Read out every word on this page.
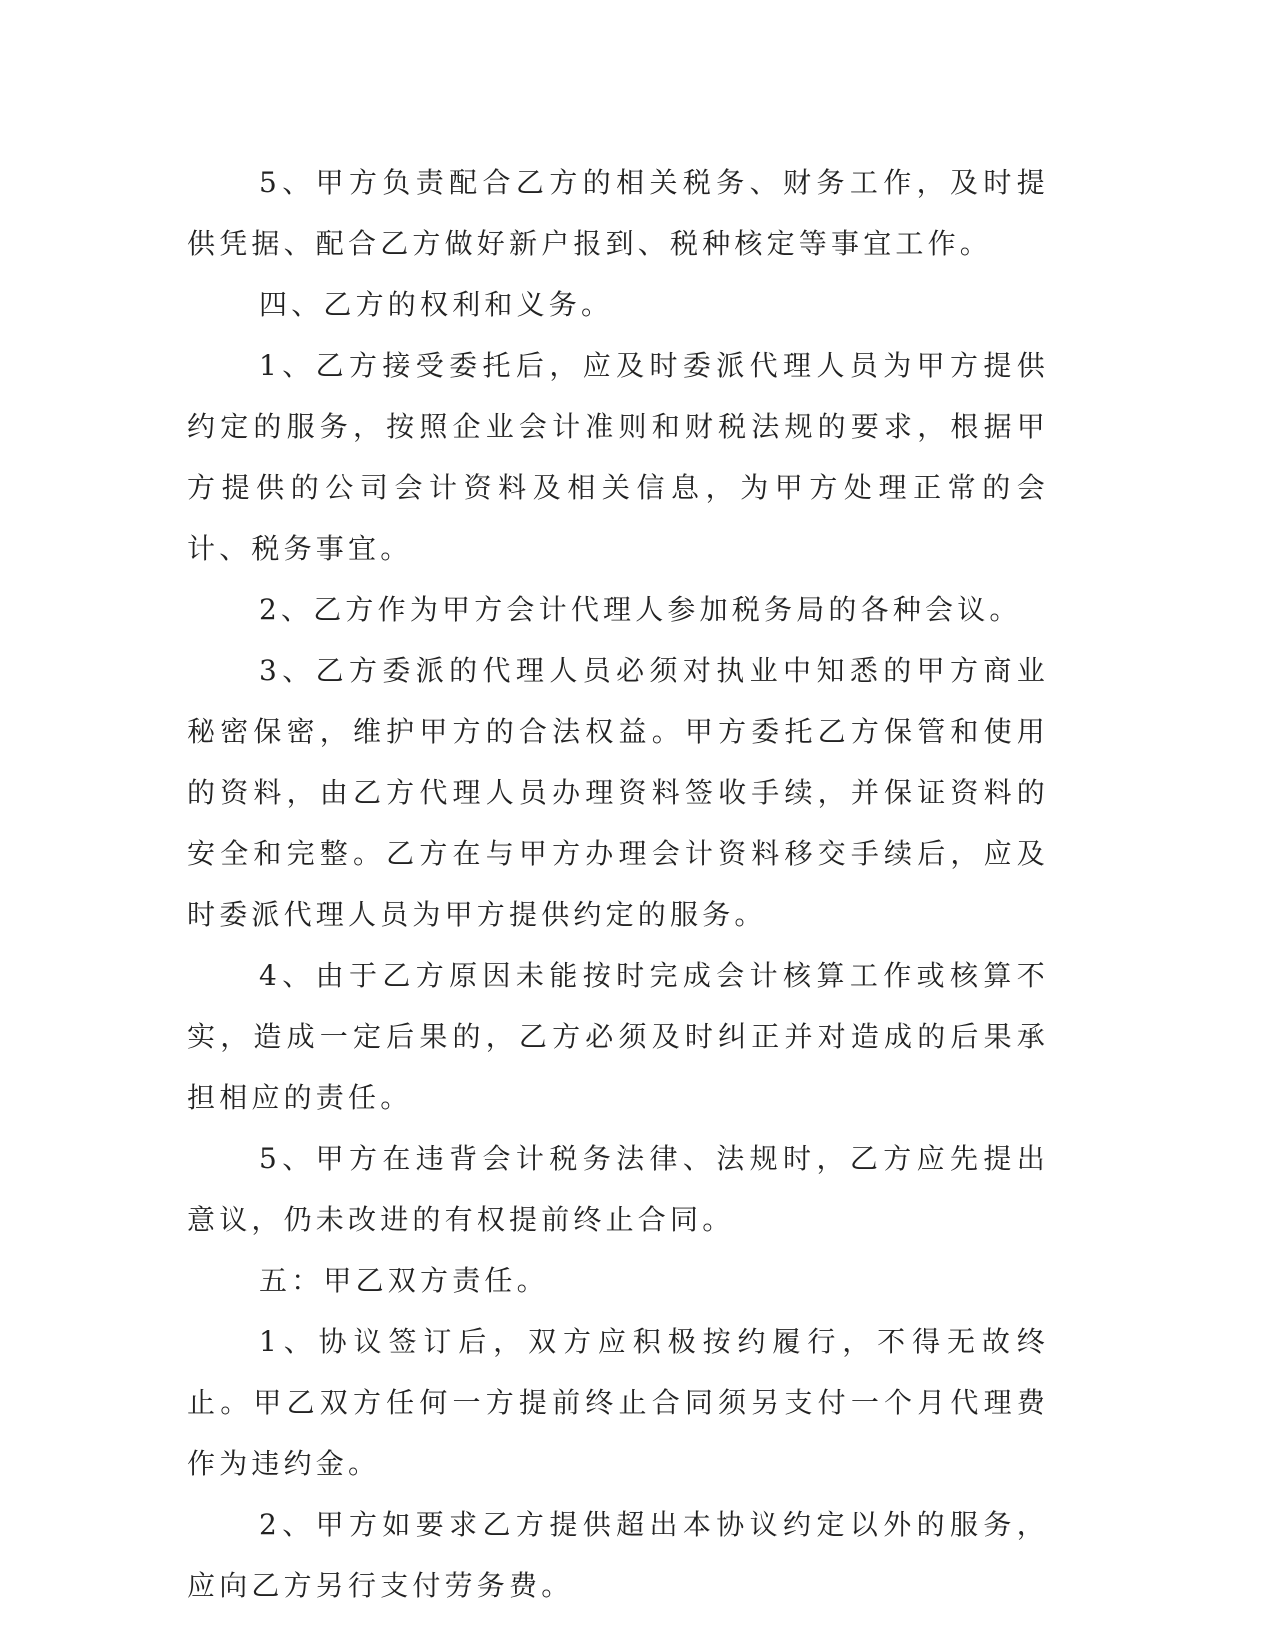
5、甲方负责配合乙方的相关税务、财务工作，及时提供凭据、配合乙方做好新户报到、税种核定等事宜工作。

四、乙方的权利和义务。

1、乙方接受委托后，应及时委派代理人员为甲方提供约定的服务，按照企业会计准则和财税法规的要求，根据甲方提供的公司会计资料及相关信息，为甲方处理正常的会计、税务事宜。

2、乙方作为甲方会计代理人参加税务局的各种会议。

3、乙方委派的代理人员必须对执业中知悉的甲方商业秘密保密，维护甲方的合法权益。甲方委托乙方保管和使用的资料，由乙方代理人员办理资料签收手续，并保证资料的安全和完整。乙方在与甲方办理会计资料移交手续后，应及时委派代理人员为甲方提供约定的服务。

4、由于乙方原因未能按时完成会计核算工作或核算不实，造成一定后果的，乙方必须及时纠正并对造成的后果承担相应的责任。

5、甲方在违背会计税务法律、法规时，乙方应先提出意议，仍未改进的有权提前终止合同。

五：甲乙双方责任。

1、协议签订后，双方应积极按约履行，不得无故终止。甲乙双方任何一方提前终止合同须另支付一个月代理费作为违约金。

2、甲方如要求乙方提供超出本协议约定以外的服务，应向乙方另行支付劳务费。
